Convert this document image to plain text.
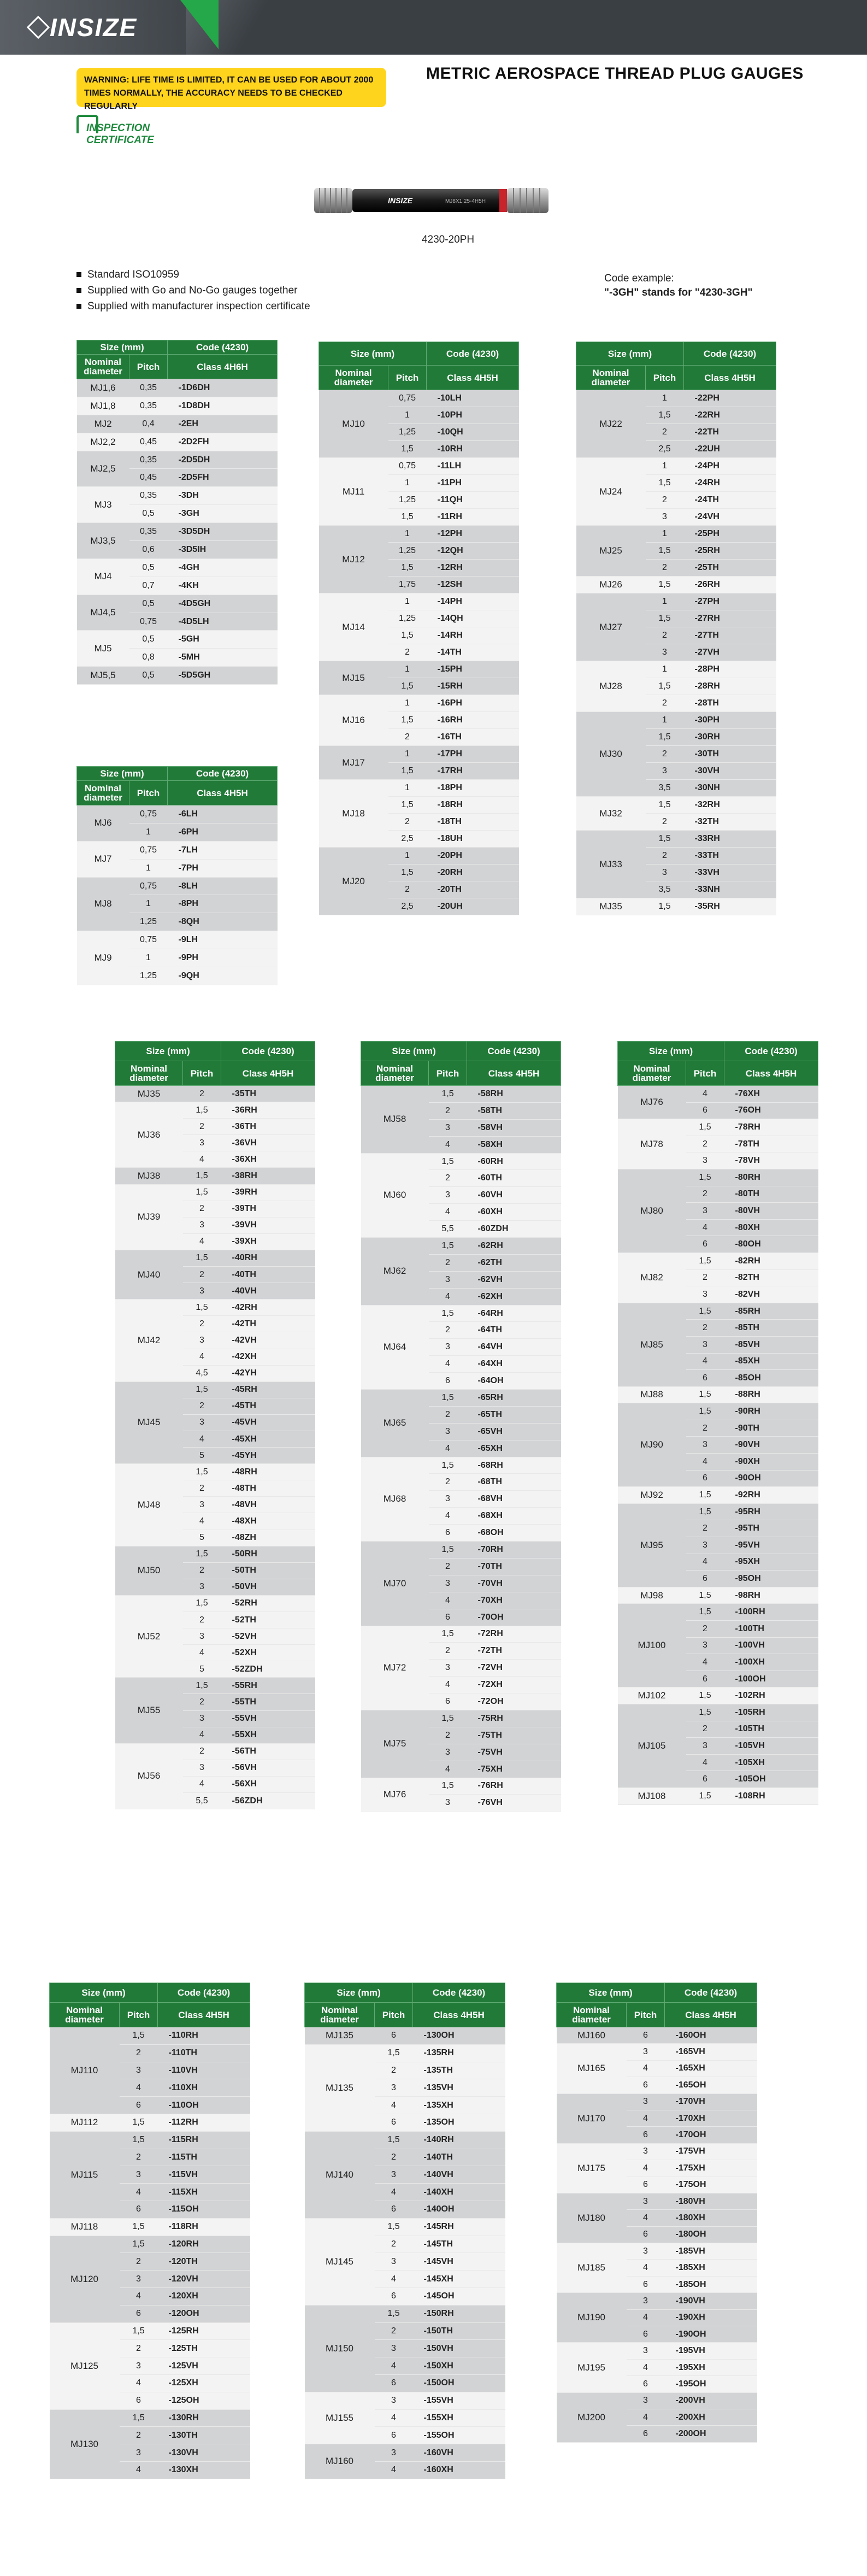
INSIZE
WARNING: LIFE TIME IS LIMITED, IT CAN BE USED FOR ABOUT 2000 TIMES NORMALLY, THE ACCURACY NEEDS TO BE CHECKED REGULARLY
METRIC AEROSPACE THREAD PLUG GAUGES
INSPECTION
CERTIFICATE
INSIZE	MJ8X1.25-4H5H
4230-20PH
Standard ISO10959
Supplied with Go and No-Go gauges together
Supplied with manufacturer inspection certificate
Code example:
"-3GH" stands for "4230-3GH"
Size (mm)		Code (4230)
Nominal diameter	Pitch	Class 4H6H
MJ1,6	0,35	-1D6DH
MJ1,8	0,35	-1D8DH
MJ2	0,4	-2EH
MJ2,2	0,45	-2D2FH
MJ2,5	0,35	-2D5DH
	0,45	-2D5FH
MJ3	0,35	-3DH
	0,5	-3GH
MJ3,5	0,35	-3D5DH
	0,6	-3D5IH
MJ4	0,5	-4GH
	0,7	-4KH
MJ4,5	0,5	-4D5GH
	0,75	-4D5LH
MJ5	0,5	-5GH
	0,8	-5MH
MJ5,5	0,5	-5D5GH
Size (mm)		Code (4230)
Nominal diameter	Pitch	Class 4H5H
MJ6	0,75	-6LH
	1	-6PH
MJ7	0,75	-7LH
	1	-7PH
MJ8	0,75	-8LH
	1	-8PH
	1,25	-8QH
MJ9	0,75	-9LH
	1	-9PH
	1,25	-9QH
Size (mm)		Code (4230)
Nominal diameter	Pitch	Class 4H5H
MJ10	0,75	-10LH
	1	-10PH
	1,25	-10QH
	1,5	-10RH
MJ11	0,75	-11LH
	1	-11PH
	1,25	-11QH
	1,5	-11RH
MJ12	1	-12PH
	1,25	-12QH
	1,5	-12RH
	1,75	-12SH
MJ14	1	-14PH
	1,25	-14QH
	1,5	-14RH
	2	-14TH
MJ15	1	-15PH
	1,5	-15RH
MJ16	1	-16PH
	1,5	-16RH
	2	-16TH
MJ17	1	-17PH
	1,5	-17RH
MJ18	1	-18PH
	1,5	-18RH
	2	-18TH
	2,5	-18UH
MJ20	1	-20PH
	1,5	-20RH
	2	-20TH
	2,5	-20UH
Size (mm)		Code (4230)
Nominal diameter	Pitch	Class 4H5H
MJ22	1	-22PH
	1,5	-22RH
	2	-22TH
	2,5	-22UH
MJ24	1	-24PH
	1,5	-24RH
	2	-24TH
	3	-24VH
MJ25	1	-25PH
	1,5	-25RH
	2	-25TH
MJ26	1,5	-26RH
MJ27	1	-27PH
	1,5	-27RH
	2	-27TH
	3	-27VH
MJ28	1	-28PH
	1,5	-28RH
	2	-28TH
MJ30	1	-30PH
	1,5	-30RH
	2	-30TH
	3	-30VH
	3,5	-30NH
MJ32	1,5	-32RH
	2	-32TH
MJ33	1,5	-33RH
	2	-33TH
	3	-33VH
	3,5	-33NH
MJ35	1,5	-35RH
Size (mm)		Code (4230)
Nominal diameter	Pitch	Class 4H5H
MJ35	2	-35TH
MJ36	1,5	-36RH
	2	-36TH
	3	-36VH
	4	-36XH
MJ38	1,5	-38RH
MJ39	1,5	-39RH
	2	-39TH
	3	-39VH
	4	-39XH
MJ40	1,5	-40RH
	2	-40TH
	3	-40VH
MJ42	1,5	-42RH
	2	-42TH
	3	-42VH
	4	-42XH
	4,5	-42YH
MJ45	1,5	-45RH
	2	-45TH
	3	-45VH
	4	-45XH
	5	-45YH
MJ48	1,5	-48RH
	2	-48TH
	3	-48VH
	4	-48XH
	5	-48ZH
MJ50	1,5	-50RH
	2	-50TH
	3	-50VH
MJ52	1,5	-52RH
	2	-52TH
	3	-52VH
	4	-52XH
	5	-52ZDH
MJ55	1,5	-55RH
	2	-55TH
	3	-55VH
	4	-55XH
MJ56	2	-56TH
	3	-56VH
	4	-56XH
	5,5	-56ZDH
Size (mm)		Code (4230)
Nominal diameter	Pitch	Class 4H5H
MJ58	1,5	-58RH
	2	-58TH
	3	-58VH
	4	-58XH
MJ60	1,5	-60RH
	2	-60TH
	3	-60VH
	4	-60XH
	5,5	-60ZDH
MJ62	1,5	-62RH
	2	-62TH
	3	-62VH
	4	-62XH
MJ64	1,5	-64RH
	2	-64TH
	3	-64VH
	4	-64XH
	6	-64OH
MJ65	1,5	-65RH
	2	-65TH
	3	-65VH
	4	-65XH
MJ68	1,5	-68RH
	2	-68TH
	3	-68VH
	4	-68XH
	6	-68OH
MJ70	1,5	-70RH
	2	-70TH
	3	-70VH
	4	-70XH
	6	-70OH
MJ72	1,5	-72RH
	2	-72TH
	3	-72VH
	4	-72XH
	6	-72OH
MJ75	1,5	-75RH
	2	-75TH
	3	-75VH
	4	-75XH
MJ76	1,5	-76RH
	3	-76VH
Size (mm)		Code (4230)
Nominal diameter	Pitch	Class 4H5H
MJ76	4	-76XH
	6	-76OH
MJ78	1,5	-78RH
	2	-78TH
	3	-78VH
MJ80	1,5	-80RH
	2	-80TH
	3	-80VH
	4	-80XH
	6	-80OH
MJ82	1,5	-82RH
	2	-82TH
	3	-82VH
MJ85	1,5	-85RH
	2	-85TH
	3	-85VH
	4	-85XH
	6	-85OH
MJ88	1,5	-88RH
MJ90	1,5	-90RH
	2	-90TH
	3	-90VH
	4	-90XH
	6	-90OH
MJ92	1,5	-92RH
MJ95	1,5	-95RH
	2	-95TH
	3	-95VH
	4	-95XH
	6	-95OH
MJ98	1,5	-98RH
MJ100	1,5	-100RH
	2	-100TH
	3	-100VH
	4	-100XH
	6	-100OH
MJ102	1,5	-102RH
MJ105	1,5	-105RH
	2	-105TH
	3	-105VH
	4	-105XH
	6	-105OH
MJ108	1,5	-108RH
Size (mm)		Code (4230)
Nominal diameter	Pitch	Class 4H5H
MJ110	1,5	-110RH
	2	-110TH
	3	-110VH
	4	-110XH
	6	-110OH
MJ112	1,5	-112RH
MJ115	1,5	-115RH
	2	-115TH
	3	-115VH
	4	-115XH
	6	-115OH
MJ118	1,5	-118RH
MJ120	1,5	-120RH
	2	-120TH
	3	-120VH
	4	-120XH
	6	-120OH
MJ125	1,5	-125RH
	2	-125TH
	3	-125VH
	4	-125XH
	6	-125OH
MJ130	1,5	-130RH
	2	-130TH
	3	-130VH
	4	-130XH
Size (mm)		Code (4230)
Nominal diameter	Pitch	Class 4H5H
MJ135	6	-130OH
MJ135	1,5	-135RH
	2	-135TH
	3	-135VH
	4	-135XH
	6	-135OH
MJ140	1,5	-140RH
	2	-140TH
	3	-140VH
	4	-140XH
	6	-140OH
MJ145	1,5	-145RH
	2	-145TH
	3	-145VH
	4	-145XH
	6	-145OH
MJ150	1,5	-150RH
	2	-150TH
	3	-150VH
	4	-150XH
	6	-150OH
MJ155	3	-155VH
	4	-155XH
	6	-155OH
MJ160	3	-160VH
	4	-160XH
Size (mm)		Code (4230)
Nominal diameter	Pitch	Class 4H5H
MJ160	6	-160OH
MJ165	3	-165VH
	4	-165XH
	6	-165OH
MJ170	3	-170VH
	4	-170XH
	6	-170OH
MJ175	3	-175VH
	4	-175XH
	6	-175OH
MJ180	3	-180VH
	4	-180XH
	6	-180OH
MJ185	3	-185VH
	4	-185XH
	6	-185OH
MJ190	3	-190VH
	4	-190XH
	6	-190OH
MJ195	3	-195VH
	4	-195XH
	6	-195OH
MJ200	3	-200VH
	4	-200XH
	6	-200OH
